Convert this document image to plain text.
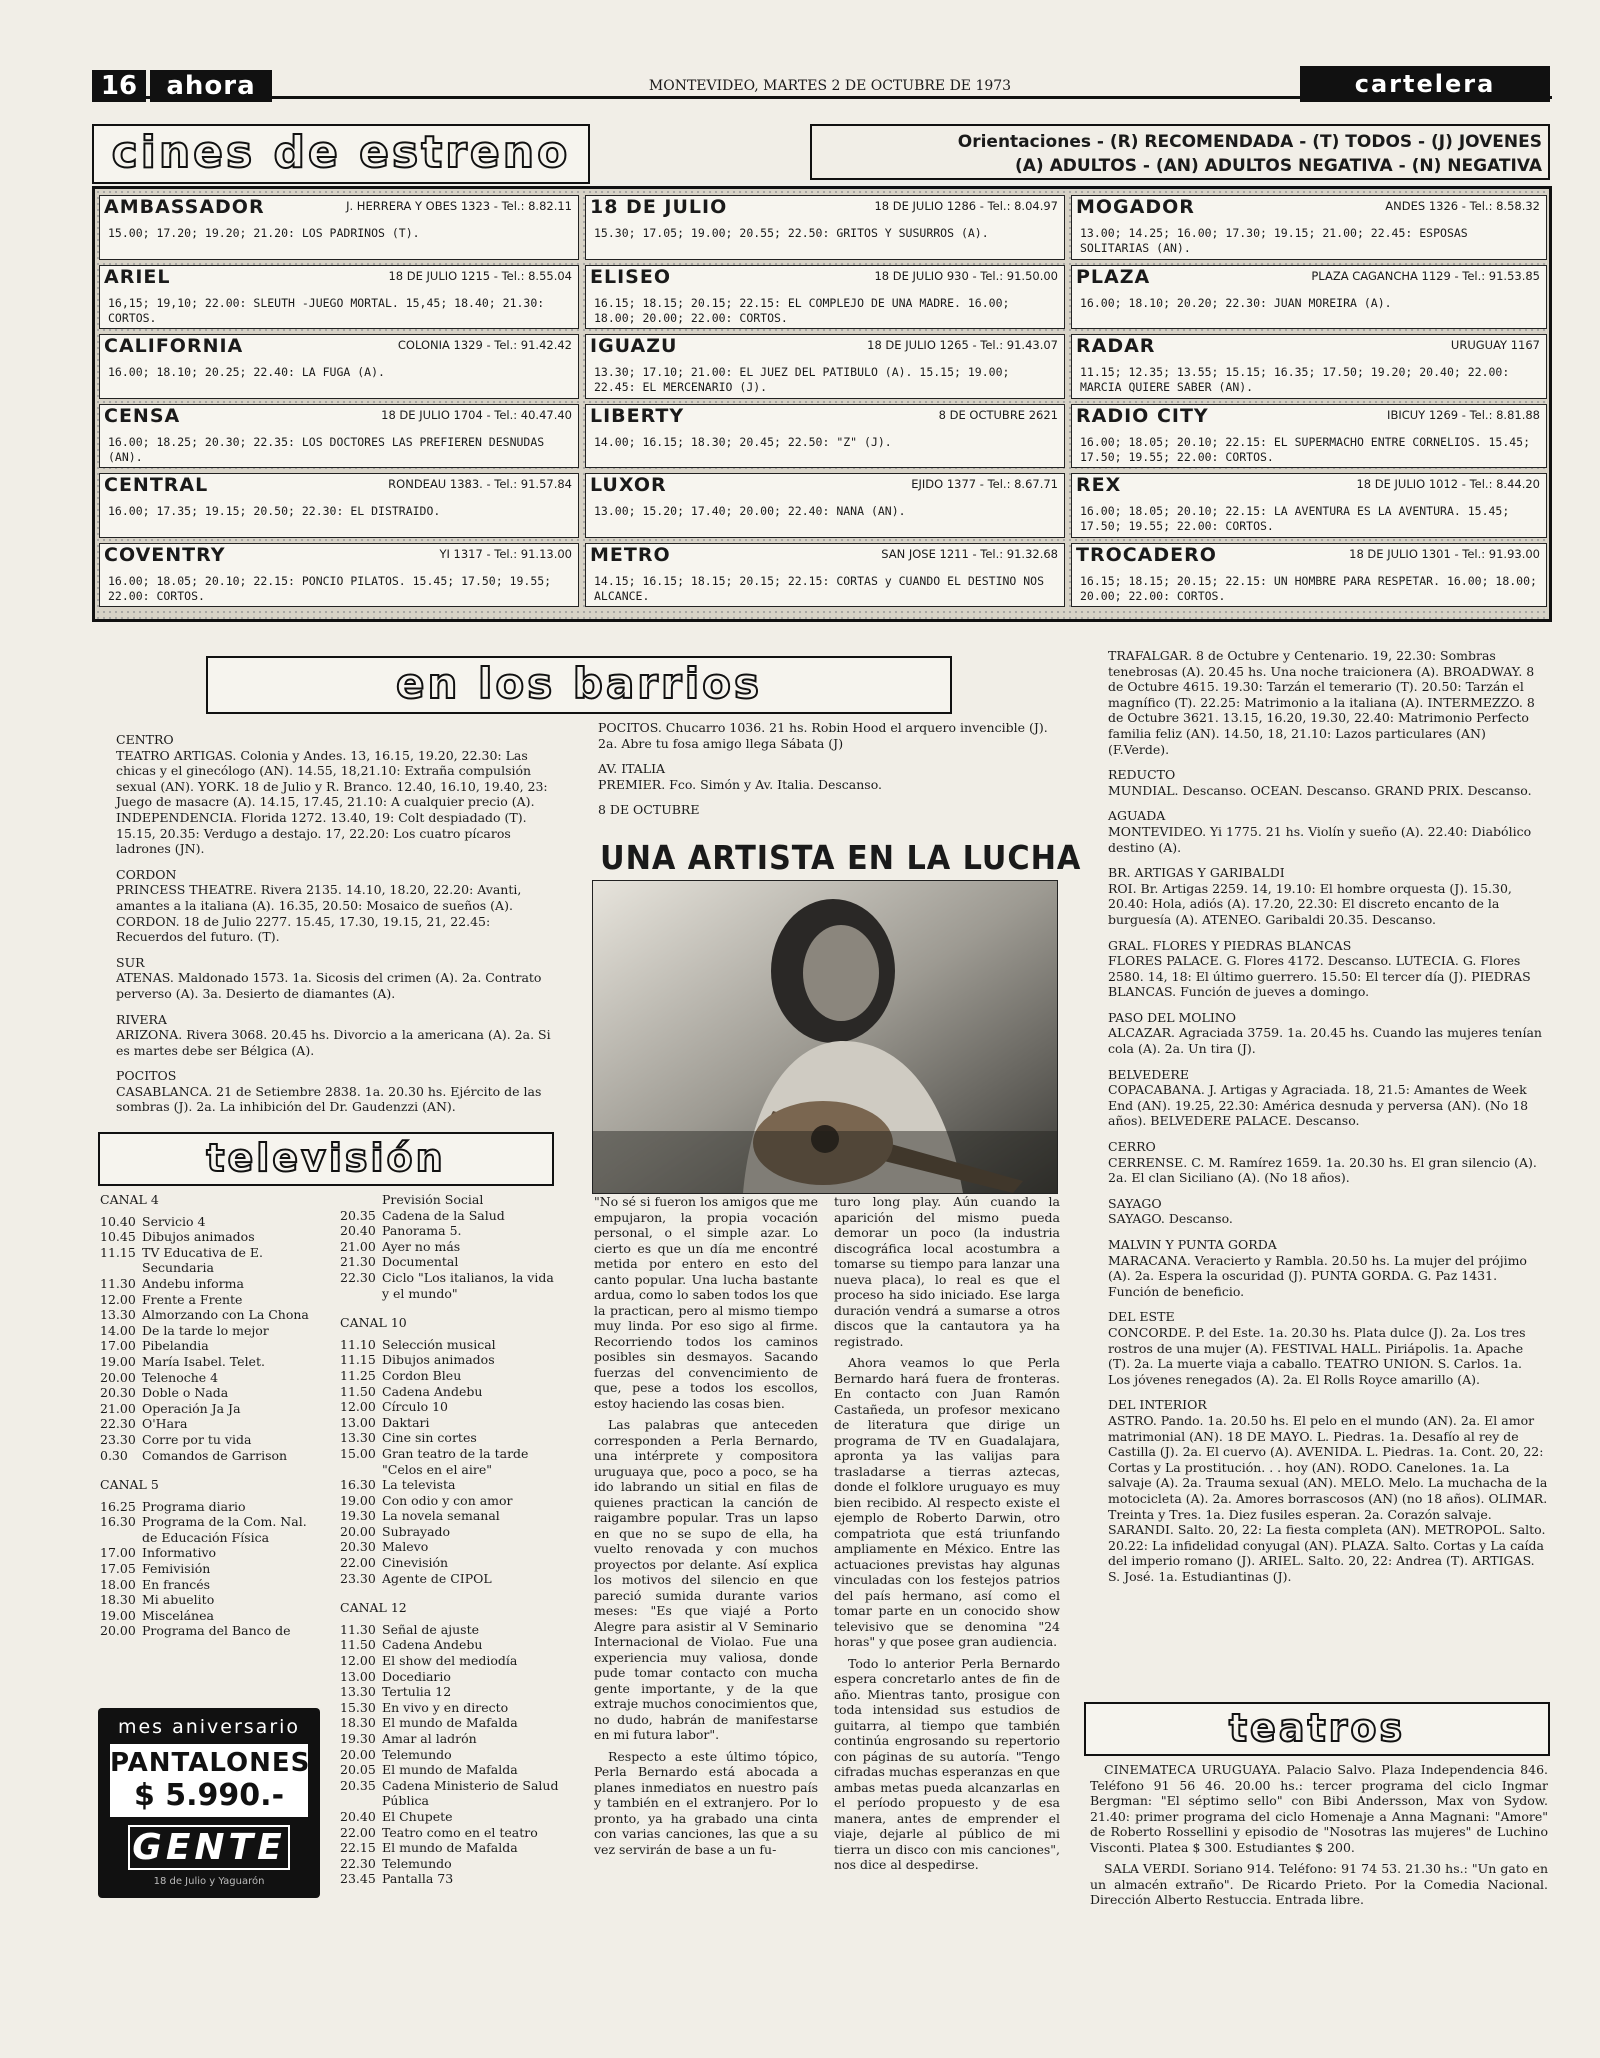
16	ahora	MONTEVIDEO, MARTES 2 DE OCTUBRE DE 1973	cartelera
cines de estreno	Orientaciones - (R) RECOMENDADA - (T) TODOS - (J) JOVENES
(A) ADULTOS - (AN) ADULTOS NEGATIVA - (N) NEGATIVA
AMBASSADOR	J. HERRERA Y OBES 1323 - Tel.: 8.82.11
15.00; 17.20; 19.20; 21.20: LOS PADRINOS (T).
ARIEL	18 DE JULIO 1215 - Tel.: 8.55.04
16,15; 19,10; 22.00: SLEUTH -JUEGO MORTAL. 15,45; 18.40; 21.30: CORTOS.
CALIFORNIA	COLONIA 1329 - Tel.: 91.42.42
16.00; 18.10; 20.25; 22.40: LA FUGA (A).
CENSA	18 DE JULIO 1704 - Tel.: 40.47.40
16.00; 18.25; 20.30; 22.35: LOS DOCTORES LAS PREFIEREN DESNUDAS (AN).
CENTRAL	RONDEAU 1383. - Tel.: 91.57.84
16.00; 17.35; 19.15; 20.50; 22.30: EL DISTRAIDO.
COVENTRY	YI 1317 - Tel.: 91.13.00
16.00; 18.05; 20.10; 22.15: PONCIO PILATOS. 15.45; 17.50; 19.55; 22.00: CORTOS.
18 DE JULIO	18 DE JULIO 1286 - Tel.: 8.04.97
15.30; 17.05; 19.00; 20.55; 22.50: GRITOS Y SUSURROS (A).
ELISEO	18 DE JULIO 930 - Tel.: 91.50.00
16.15; 18.15; 20.15; 22.15: EL COMPLEJO DE UNA MADRE. 16.00; 18.00; 20.00; 22.00: CORTOS.
IGUAZU	18 DE JULIO 1265 - Tel.: 91.43.07
13.30; 17.10; 21.00: EL JUEZ DEL PATIBULO (A). 15.15; 19.00; 22.45: EL MERCENARIO (J).
LIBERTY	8 DE OCTUBRE 2621
14.00; 16.15; 18.30; 20.45; 22.50: "Z" (J).
LUXOR	EJIDO 1377 - Tel.: 8.67.71
13.00; 15.20; 17.40; 20.00; 22.40: NANA (AN).
METRO	SAN JOSE 1211 - Tel.: 91.32.68
14.15; 16.15; 18.15; 20.15; 22.15: CORTAS y CUANDO EL DESTINO NOS ALCANCE.
MOGADOR	ANDES 1326 - Tel.: 8.58.32
13.00; 14.25; 16.00; 17.30; 19.15; 21.00; 22.45: ESPOSAS SOLITARIAS (AN).
PLAZA	PLAZA CAGANCHA 1129 - Tel.: 91.53.85
16.00; 18.10; 20.20; 22.30: JUAN MOREIRA (A).
RADAR	URUGUAY 1167
11.15; 12.35; 13.55; 15.15; 16.35; 17.50; 19.20; 20.40; 22.00: MARCIA QUIERE SABER (AN).
RADIO CITY	IBICUY 1269 - Tel.: 8.81.88
16.00; 18.05; 20.10; 22.15: EL SUPERMACHO ENTRE CORNELIOS. 15.45; 17.50; 19.55; 22.00: CORTOS.
REX	18 DE JULIO 1012 - Tel.: 8.44.20
16.00; 18.05; 20.10; 22.15: LA AVENTURA ES LA AVENTURA. 15.45; 17.50; 19.55; 22.00: CORTOS.
TROCADERO	18 DE JULIO 1301 - Tel.: 91.93.00
16.15; 18.15; 20.15; 22.15: UN HOMBRE PARA RESPETAR. 16.00; 18.00; 20.00; 22.00: CORTOS.
en los barrios
CENTRO

TEATRO ARTIGAS. Colonia y Andes. 13, 16.15, 19.20, 22.30: Las chicas y el ginecólogo (AN). 14.55, 18,21.10: Extraña compulsión sexual (AN). YORK. 18 de Julio y R. Branco. 12.40, 16.10, 19.40, 23: Juego de masacre (A). 14.15, 17.45, 21.10: A cualquier precio (A). INDEPENDENCIA. Florida 1272. 13.40, 19: Colt despiadado (T). 15.15, 20.35: Verdugo a destajo. 17, 22.20: Los cuatro pícaros ladrones (JN).

CORDON

PRINCESS THEATRE. Rivera 2135. 14.10, 18.20, 22.20: Avanti, amantes a la italiana (A). 16.35, 20.50: Mosaico de sueños (A). CORDON. 18 de Julio 2277. 15.45, 17.30, 19.15, 21, 22.45: Recuerdos del futuro. (T).

SUR

ATENAS. Maldonado 1573. 1a. Sicosis del crimen (A). 2a. Contrato perverso (A). 3a. Desierto de diamantes (A).

RIVERA

ARIZONA. Rivera 3068. 20.45 hs. Divorcio a la americana (A). 2a. Si es martes debe ser Bélgica (A).

POCITOS

CASABLANCA. 21 de Setiembre 2838. 1a. 20.30 hs. Ejército de las sombras (J). 2a. La inhibición del Dr. Gaudenzzi (AN).

POCITOS. Chucarro 1036. 21 hs. Robin Hood el arquero invencible (J). 2a. Abre tu fosa amigo llega Sábata (J)

AV. ITALIA

PREMIER. Fco. Simón y Av. Italia. Descanso.

8 DE OCTUBRE

TRAFALGAR. 8 de Octubre y Centenario. 19, 22.30: Sombras tenebrosas (A). 20.45 hs. Una noche traicionera (A). BROADWAY. 8 de Octubre 4615. 19.30: Tarzán el temerario (T). 20.50: Tarzán el magnífico (T). 22.25: Matrimonio a la italiana (A). INTERMEZZO. 8 de Octubre 3621. 13.15, 16.20, 19.30, 22.40: Matrimonio Perfecto familia feliz (AN). 14.50, 18, 21.10: Lazos particulares (AN) (F.Verde).

REDUCTO

MUNDIAL. Descanso. OCEAN. Descanso. GRAND PRIX. Descanso.

AGUADA

MONTEVIDEO. Yi 1775. 21 hs. Violín y sueño (A). 22.40: Diabólico destino (A).

BR. ARTIGAS Y GARIBALDI

ROI. Br. Artigas 2259. 14, 19.10: El hombre orquesta (J). 15.30, 20.40: Hola, adiós (A). 17.20, 22.30: El discreto encanto de la burguesía (A). ATENEO. Garibaldi 20.35. Descanso.

GRAL. FLORES Y PIEDRAS BLANCAS

FLORES PALACE. G. Flores 4172. Descanso. LUTECIA. G. Flores 2580. 14, 18: El último guerrero. 15.50: El tercer día (J). PIEDRAS BLANCAS. Función de jueves a domingo.

PASO DEL MOLINO

ALCAZAR. Agraciada 3759. 1a. 20.45 hs. Cuando las mujeres tenían cola (A). 2a. Un tira (J).

BELVEDERE

COPACABANA. J. Artigas y Agraciada. 18, 21.5: Amantes de Week End (AN). 19.25, 22.30: América desnuda y perversa (AN). (No 18 años). BELVEDERE PALACE. Descanso.

CERRO

CERRENSE. C. M. Ramírez 1659. 1a. 20.30 hs. El gran silencio (A). 2a. El clan Siciliano (A). (No 18 años).

SAYAGO

SAYAGO. Descanso.

MALVIN Y PUNTA GORDA

MARACANA. Veracierto y Rambla. 20.50 hs. La mujer del prójimo (A). 2a. Espera la oscuridad (J). PUNTA GORDA. G. Paz 1431. Función de beneficio.

DEL ESTE

CONCORDE. P. del Este. 1a. 20.30 hs. Plata dulce (J). 2a. Los tres rostros de una mujer (A). FESTIVAL HALL. Piriápolis. 1a. Apache (T). 2a. La muerte viaja a caballo. TEATRO UNION. S. Carlos. 1a. Los jóvenes renegados (A). 2a. El Rolls Royce amarillo (A).

DEL INTERIOR

ASTRO. Pando. 1a. 20.50 hs. El pelo en el mundo (AN). 2a. El amor matrimonial (AN). 18 DE MAYO. L. Piedras. 1a. Desafío al rey de Castilla (J). 2a. El cuervo (A). AVENIDA. L. Piedras. 1a. Cont. 20, 22: Cortas y La prostitución. . . hoy (AN). RODO. Canelones. 1a. La salvaje (A). 2a. Trauma sexual (AN). MELO. Melo. La muchacha de la motocicleta (A). 2a. Amores borrascosos (AN) (no 18 años). OLIMAR. Treinta y Tres. 1a. Diez fusiles esperan. 2a. Corazón salvaje. SARANDI. Salto. 20, 22: La fiesta completa (AN). METROPOL. Salto. 20.22: La infidelidad conyugal (AN). PLAZA. Salto. Cortas y La caída del imperio romano (J). ARIEL. Salto. 20, 22: Andrea (T). ARTIGAS. S. José. 1a. Estudiantinas (J).

UNA ARTISTA EN LA LUCHA

"No sé si fueron los amigos que me empujaron, la propia vocación personal, o el simple azar. Lo cierto es que un día me encontré metida por entero en esto del canto popular. Una lucha bastante ardua, como lo saben todos los que la practican, pero al mismo tiempo muy linda. Por eso sigo al firme. Recorriendo todos los caminos posibles sin desmayos. Sacando fuerzas del convencimiento de que, pese a todos los escollos, estoy haciendo las cosas bien.

Las palabras que anteceden corresponden a Perla Bernardo, una intérprete y compositora uruguaya que, poco a poco, se ha ido labrando un sitial en filas de quienes practican la canción de raigambre popular. Tras un lapso en que no se supo de ella, ha vuelto renovada y con muchos proyectos por delante. Así explica los motivos del silencio en que pareció sumida durante varios meses: "Es que viajé a Porto Alegre para asistir al V Seminario Internacional de Violao. Fue una experiencia muy valiosa, donde pude tomar contacto con mucha gente importante, y de la que extraje muchos conocimientos que, no dudo, habrán de manifestarse en mi futura labor".

Respecto a este último tópico, Perla Bernardo está abocada a planes inmediatos en nuestro país y también en el extranjero. Por lo pronto, ya ha grabado una cinta con varias canciones, las que a su vez servirán de base a un fu-

turo long play. Aún cuando la aparición del mismo pueda demorar un poco (la industria discográfica local acostumbra a tomarse su tiempo para lanzar una nueva placa), lo real es que el proceso ha sido iniciado. Ese larga duración vendrá a sumarse a otros discos que la cantautora ya ha registrado.

Ahora veamos lo que Perla Bernardo hará fuera de fronteras. En contacto con Juan Ramón Castañeda, un profesor mexicano de literatura que dirige un programa de TV en Guadalajara, apronta ya las valijas para trasladarse a tierras aztecas, donde el folklore uruguayo es muy bien recibido. Al respecto existe el ejemplo de Roberto Darwin, otro compatriota que está triunfando ampliamente en México. Entre las actuaciones previstas hay algunas vinculadas con los festejos patrios del país hermano, así como el tomar parte en un conocido show televisivo que se denomina "24 horas" y que posee gran audiencia.

Todo lo anterior Perla Bernardo espera concretarlo antes de fin de año. Mientras tanto, prosigue con toda intensidad sus estudios de guitarra, al tiempo que también continúa engrosando su repertorio con páginas de su autoría. "Tengo cifradas muchas esperanzas en que ambas metas pueda alcanzarlas en el período propuesto y de esa manera, antes de emprender el viaje, dejarle al público de mi tierra un disco con mis canciones", nos dice al despedirse.

televisión
CANAL 4
10.40 Servicio 4
10.45 Dibujos animados
11.15 TV Educativa de E. Secundaria
11.30 Andebu informa
12.00 Frente a Frente
13.30 Almorzando con La Chona
14.00 De la tarde lo mejor
17.00 Pibelandia
19.00 María Isabel. Telet.
20.00 Telenoche 4
20.30 Doble o Nada
21.00 Operación Ja Ja
22.30 O'Hara
23.30 Corre por tu vida
0.30	Comandos de Garrison
CANAL 5
16.25 Programa diario
16.30 Programa de la Com. Nal. de Educación Física
17.00 Informativo
17.05 Femivisión
18.00 En francés
18.30 Mi abuelito
19.00 Miscelánea
20.00 Programa del Banco de
Previsión Social
20.35 Cadena de la Salud
20.40 Panorama 5.
21.00 Ayer no más
21.30 Documental
22.30 Ciclo "Los italianos, la vida y el mundo"
CANAL 10
11.10 Selección musical
11.15 Dibujos animados
11.25 Cordon Bleu
11.50 Cadena Andebu
12.00 Círculo 10
13.00 Daktari
13.30 Cine sin cortes
15.00 Gran teatro de la tarde "Celos en el aire"
16.30 La televista
19.00 Con odio y con amor
19.30 La novela semanal
20.00 Subrayado
20.30 Malevo
22.00 Cinevisión
23.30 Agente de CIPOL
CANAL 12
11.30 Señal de ajuste
11.50 Cadena Andebu
12.00 El show del mediodía
13.00 Docediario
13.30 Tertulia 12
15.30 En vivo y en directo
18.30 El mundo de Mafalda
19.30 Amar al ladrón
20.00 Telemundo
20.05 El mundo de Mafalda
20.35 Cadena Ministerio de Salud Pública
20.40 El Chupete
22.00 Teatro como en el teatro
22.15 El mundo de Mafalda
22.30 Telemundo
23.45 Pantalla 73
mes aniversario
PANTALONES
$ 5.990.-
GENTE
18 de Julio y Yaguarón
teatros

CINEMATECA URUGUAYA. Palacio Salvo. Plaza Independencia 846. Teléfono 91 56 46. 20.00 hs.: tercer programa del ciclo Ingmar Bergman: "El séptimo sello" con Bibi Andersson, Max von Sydow. 21.40: primer programa del ciclo Homenaje a Anna Magnani: "Amore" de Roberto Rossellini y episodio de "Nosotras las mujeres" de Luchino Visconti. Platea $ 300. Estudiantes $ 200.

SALA VERDI. Soriano 914. Teléfono: 91 74 53. 21.30 hs.: "Un gato en un almacén extraño". De Ricardo Prieto. Por la Comedia Nacional. Dirección Alberto Restuccia. Entrada libre.
